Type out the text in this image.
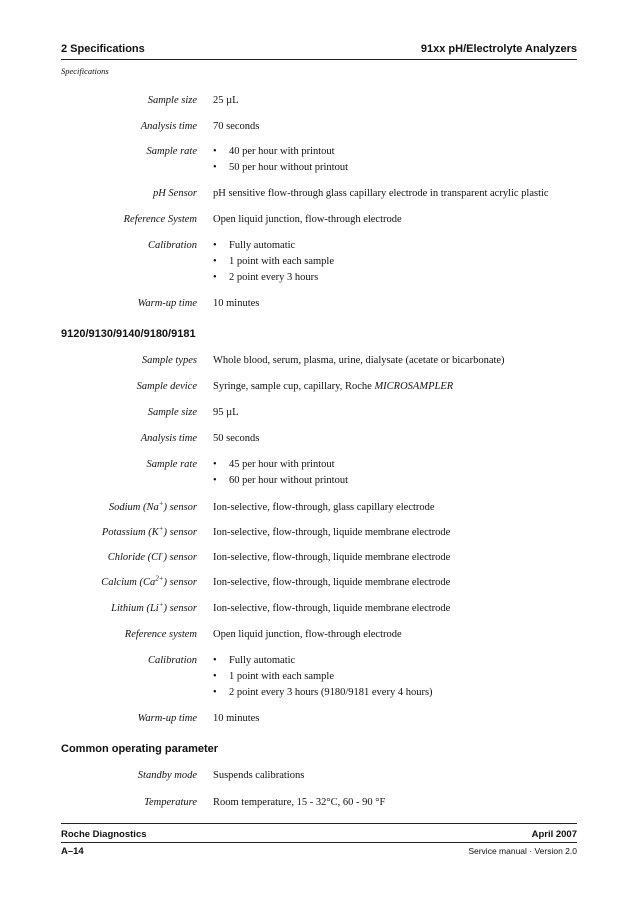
2 Specifications	91xx pH/Electrolyte Analyzers
Specifications
Sample size 25 µL
Analysis time 70 seconds
Sample rate • 40 per hour with printout
• 50 per hour without printout
pH Sensor pH sensitive flow-through glass capillary electrode in transparent acrylic plastic
Reference System Open liquid junction, flow-through electrode
Calibration • Fully automatic
• 1 point with each sample
• 2 point every 3 hours
Warm-up time 10 minutes
9120/9130/9140/9180/9181
Sample types Whole blood, serum, plasma, urine, dialysate (acetate or bicarbonate)
Sample device Syringe, sample cup, capillary, Roche MICROSAMPLER
Sample size 95 µL
Analysis time 50 seconds
Sample rate • 45 per hour with printout
• 60 per hour without printout
Sodium (Na+) sensor Ion-selective, flow-through, glass capillary electrode
Potassium (K+) sensor Ion-selective, flow-through, liquide membrane electrode
Chloride (Cl-) sensor Ion-selective, flow-through, liquide membrane electrode
Calcium $(Ca^{2+})$ sensor Ion-selective, flow-through, liquide membrane electrode
Lithium (Li+) sensor Ion-selective, flow-through, liquide membrane electrode
Reference system Open liquid junction, flow-through electrode
Calibration • Fully automatic
• 1 point with each sample
• 2 point every 3 hours (9180/9181 every 4 hours)
Warm-up time 10 minutes
Common operating parameter
Standby mode Suspends calibrations
Temperature Room temperature, 15 - 32°C, 60 - 90 °F
Roche Diagnostics	April 2007
A–14	Service manual · Version 2.0
